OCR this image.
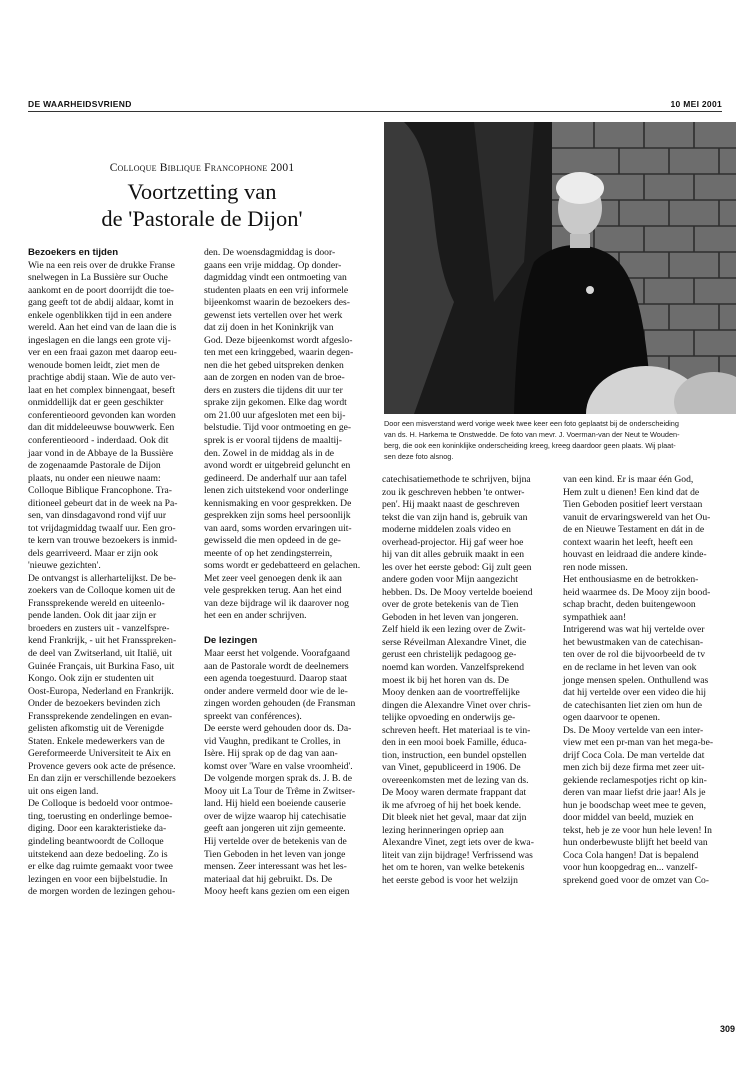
DE WAARHEIDSVRIEND	10 MEI 2001
Colloque Biblique Francophone 2001
Voortzetting van
de 'Pastorale de Dijon'
Door een misverstand werd vorige week twee keer een foto geplaatst bij de onderscheiding
van ds. H. Harkema te Onstwedde. De foto van mevr. J. Voerman-van der Neut te Wouden-
berg, die ook een koninklijke onderscheiding kreeg, kreeg daardoor geen plaats. Wij plaat-
sen deze foto alsnog.

Bezoekers en tijden

Wie na een reis over de drukke Franse

snelwegen in La Bussière sur Ouche

aankomt en de poort doorrijdt die toe-

gang geeft tot de abdij aldaar, komt in

enkele ogenblikken tijd in een andere

wereld. Aan het eind van de laan die is

ingeslagen en die langs een grote vij-

ver en een fraai gazon met daarop eeu-

wenoude bomen leidt, ziet men de

prachtige abdij staan. Wie de auto ver-

laat en het complex binnengaat, beseft

onmiddellijk dat er geen geschikter

conferentieoord gevonden kan worden

dan dit middeleeuwse bouwwerk. Een

conferentieoord - inderdaad. Ook dit

jaar vond in de Abbaye de la Bussière

de zogenaamde Pastorale de Dijon

plaats, nu onder een nieuwe naam:

Colloque Biblique Francophone. Tra-

ditioneel gebeurt dat in de week na Pa-

sen, van dinsdagavond rond vijf uur

tot vrijdagmiddag twaalf uur. Een gro-

te kern van trouwe bezoekers is inmid-

dels gearriveerd. Maar er zijn ook

'nieuwe gezichten'.

De ontvangst is allerhartelijkst. De be-

zoekers van de Colloque komen uit de

Franssprekende wereld en uiteenlo-

pende landen. Ook dit jaar zijn er

broeders en zusters uit - vanzelfspre-

kend Frankrijk, - uit het Fransspreken-

de deel van Zwitserland, uit Italië, uit

Guinée Français, uit Burkina Faso, uit

Kongo. Ook zijn er studenten uit

Oost-Europa, Nederland en Frankrijk.

Onder de bezoekers bevinden zich

Franssprekende zendelingen en evan-

gelisten afkomstig uit de Verenigde

Staten. Enkele medewerkers van de

Gereformeerde Universiteit te Aix en

Provence gevers ook acte de présence.

En dan zijn er verschillende bezoekers

uit ons eigen land.

De Colloque is bedoeld voor ontmoe-

ting, toerusting en onderlinge bemoe-

diging. Door een karakteristieke da-

gindeling beantwoordt de Colloque

uitstekend aan deze bedoeling. Zo is

er elke dag ruimte gemaakt voor twee

lezingen en voor een bijbelstudie. In

de morgen worden de lezingen gehou-

den. De woensdagmiddag is door-

gaans een vrije middag. Op donder-

dagmiddag vindt een ontmoeting van

studenten plaats en een vrij informele

bijeenkomst waarin de bezoekers des-

gewenst iets vertellen over het werk

dat zij doen in het Koninkrijk van

God. Deze bijeenkomst wordt afgeslo-

ten met een kringgebed, waarin degen-

nen die het gebed uitspreken denken

aan de zorgen en noden van de broe-

ders en zusters die tijdens dit uur ter

sprake zijn gekomen. Elke dag wordt

om 21.00 uur afgesloten met een bij-

belstudie. Tijd voor ontmoeting en ge-

sprek is er vooral tijdens de maaltij-

den. Zowel in de middag als in de

avond wordt er uitgebreid geluncht en

gedineerd. De anderhalf uur aan tafel

lenen zich uitstekend voor onderlinge

kennismaking en voor gesprekken. De

gesprekken zijn soms heel persoonlijk

van aard, soms worden ervaringen uit-

gewisseld die men opdeed in de ge-

meente of op het zendingsterrein,

soms wordt er gedebatteerd en gelachen.

Met zeer veel genoegen denk ik aan

vele gesprekken terug. Aan het eind

van deze bijdrage wil ik daarover nog

het een en ander schrijven.

De lezingen

Maar eerst het volgende. Voorafgaand

aan de Pastorale wordt de deelnemers

een agenda toegestuurd. Daarop staat

onder andere vermeld door wie de le-

zingen worden gehouden (de Fransman

spreekt van conférences).

De eerste werd gehouden door ds. Da-

vid Vaughn, predikant te Crolles, in

Isère. Hij sprak op de dag van aan-

komst over 'Ware en valse vroomheid'.

De volgende morgen sprak ds. J. B. de

Mooy uit La Tour de Trême in Zwitser-

land. Hij hield een boeiende causerie

over de wijze waarop hij catechisatie

geeft aan jongeren uit zijn gemeente.

Hij vertelde over de betekenis van de

Tien Geboden in het leven van jonge

mensen. Zeer interessant was het les-

materiaal dat hij gebruikt. Ds. De

Mooy heeft kans gezien om een eigen

catechisatiemethode te schrijven, bijna

zou ik geschreven hebben 'te ontwer-

pen'. Hij maakt naast de geschreven

tekst die van zijn hand is, gebruik van

moderne middelen zoals video en

overhead-projector. Hij gaf weer hoe

hij van dit alles gebruik maakt in een

les over het eerste gebod: Gij zult geen

andere goden voor Mijn aangezicht

hebben. Ds. De Mooy vertelde boeiend

over de grote betekenis van de Tien

Geboden in het leven van jongeren.

Zelf hield ik een lezing over de Zwit-

serse Réveilman Alexandre Vinet, die

gerust een christelijk pedagoog ge-

noemd kan worden. Vanzelfsprekend

moest ik bij het horen van ds. De

Mooy denken aan de voortreffelijke

dingen die Alexandre Vinet over chris-

telijke opvoeding en onderwijs ge-

schreven heeft. Het materiaal is te vin-

den in een mooi boek Famille, éduca-

tion, instruction, een bundel opstellen

van Vinet, gepubliceerd in 1906. De

overeenkomsten met de lezing van ds.

De Mooy waren dermate frappant dat

ik me afvroeg of hij het boek kende.

Dit bleek niet het geval, maar dat zijn

lezing herinneringen opriep aan

Alexandre Vinet, zegt iets over de kwa-

liteit van zijn bijdrage! Verfrissend was

het om te horen, van welke betekenis

het eerste gebod is voor het welzijn

van een kind. Er is maar één God,

Hem zult u dienen! Een kind dat de

Tien Geboden positief leert verstaan

vanuit de ervaringswereld van het Ou-

de en Nieuwe Testament en dát in de

context waarin het leeft, heeft een

houvast en leidraad die andere kinde-

ren node missen.

Het enthousiasme en de betrokken-

heid waarmee ds. De Mooy zijn bood-

schap bracht, deden buitengewoon

sympathiek aan!

Intrigerend was wat hij vertelde over

het bewustmaken van de catechisan-

ten over de rol die bijvoorbeeld de tv

en de reclame in het leven van ook

jonge mensen spelen. Onthullend was

dat hij vertelde over een video die hij

de catechisanten liet zien om hun de

ogen daarvoor te openen.

Ds. De Mooy vertelde van een inter-

view met een pr-man van het mega-be-

drijf Coca Cola. De man vertelde dat

men zich bij deze firma met zeer uit-

gekiende reclamespotjes richt op kin-

deren van maar liefst drie jaar! Als je

hun je boodschap weet mee te geven,

door middel van beeld, muziek en

tekst, heb je ze voor hun hele leven! In

hun onderbewuste blijft het beeld van

Coca Cola hangen! Dat is bepalend

voor hun koopgedrag en... vanzelf-

sprekend goed voor de omzet van Co-

309
